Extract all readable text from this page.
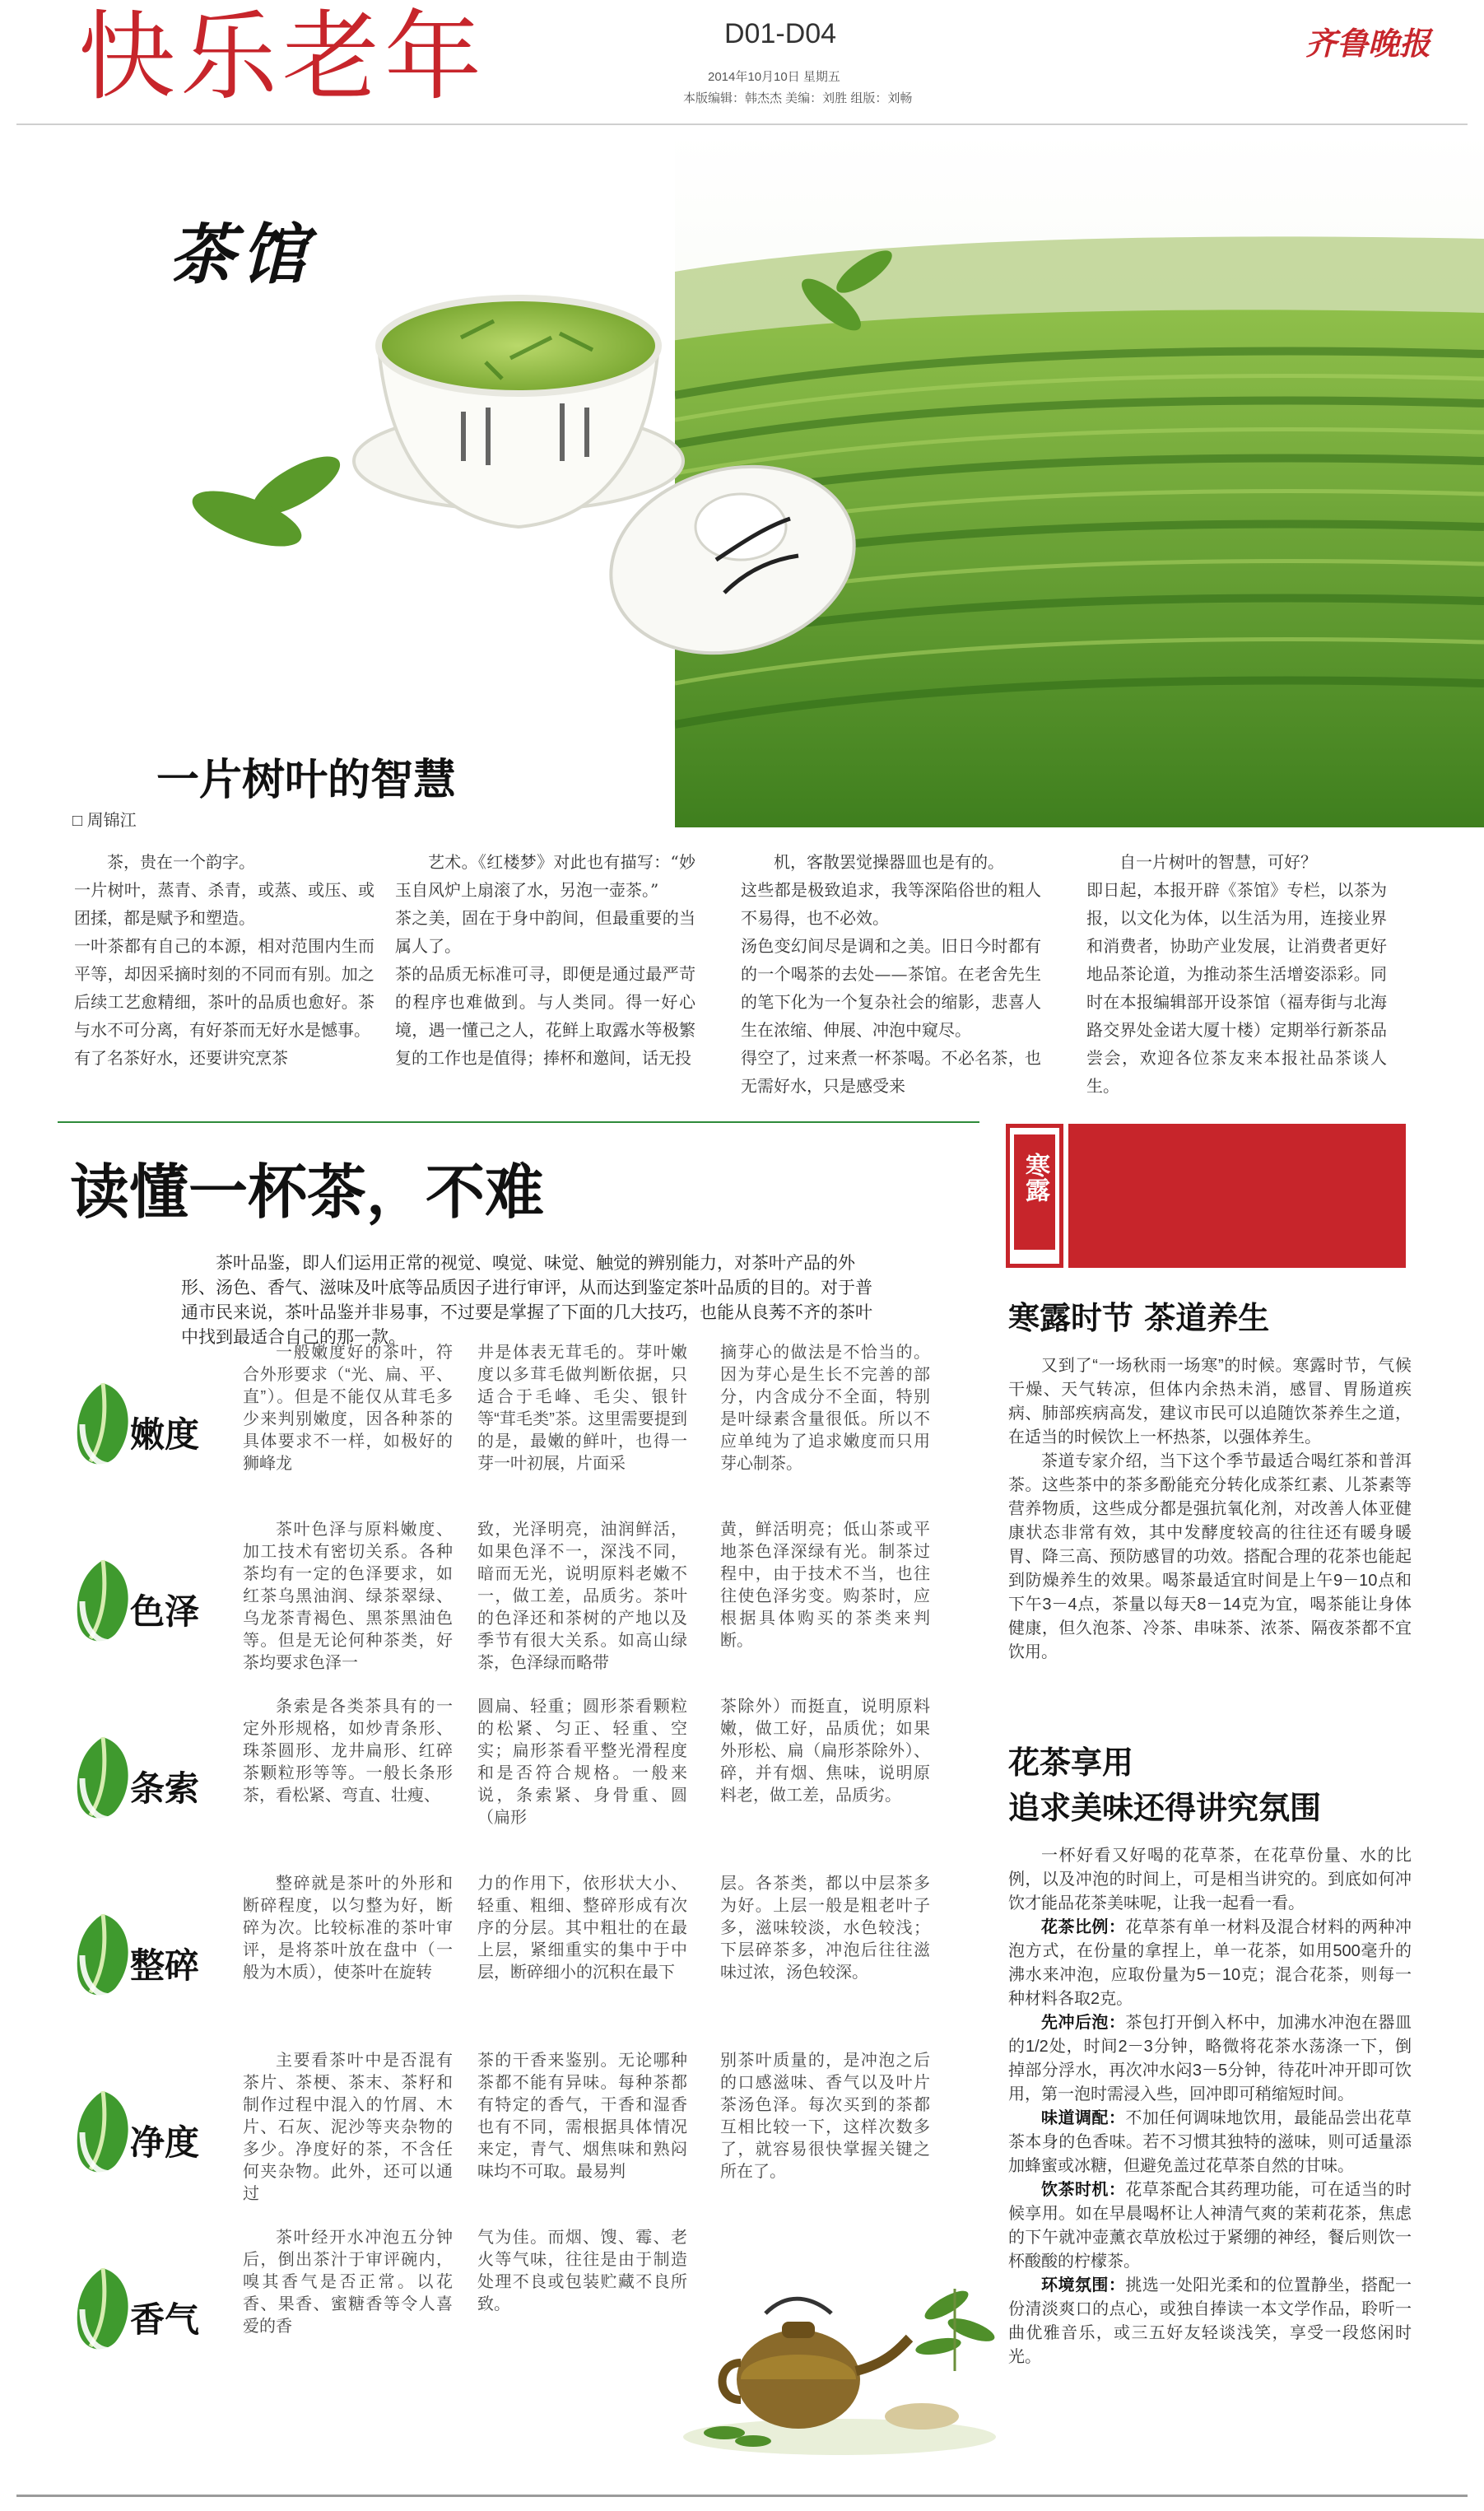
快乐老年	D01-D04
2014年10月10日 星期五
本版编辑：韩杰杰 美编：刘胜 组版：刘畅
齐鲁晚报
茶馆
一片树叶的智慧
□ 周锦江

茶，贵在一个韵字。
一片树叶，蒸青、杀青，或蒸、或压、或团揉，都是赋予和塑造。
一叶茶都有自己的本源，相对范围内生而平等，却因采摘时刻的不同而有别。加之后续工艺愈精细，茶叶的品质也愈好。茶与水不可分离，有好茶而无好水是憾事。
有了名茶好水，还要讲究烹茶

艺术。《红楼梦》对此也有描写：“妙玉自风炉上扇滚了水，另泡一壶茶。”
茶之美，固在于身中韵间，但最重要的当属人了。
茶的品质无标准可寻，即便是通过最严苛的程序也难做到。与人类同。得一好心境，遇一懂己之人，花鲜上取露水等极繁复的工作也是值得；捧杯和邀间，话无投

机，客散罢觉操器皿也是有的。
这些都是极致追求，我等深陷俗世的粗人不易得，也不必效。
汤色变幻间尽是调和之美。旧日今时都有的一个喝茶的去处——茶馆。在老舍先生的笔下化为一个复杂社会的缩影，悲喜人生在浓缩、伸展、冲泡中窥尽。
得空了，过来煮一杯茶喝。不必名茶，也无需好水，只是感受来

自一片树叶的智慧，可好？
即日起，本报开辟《茶馆》专栏，以茶为报，以文化为体，以生活为用，连接业界和消费者，协助产业发展，让消费者更好地品茶论道，为推动茶生活增姿添彩。同时在本报编辑部开设茶馆（福寿街与北海路交界处金诺大厦十楼）定期举行新茶品尝会，欢迎各位茶友来本报社品茶谈人生。

读懂一杯茶，不难
茶叶品鉴，即人们运用正常的视觉、嗅觉、味觉、触觉的辨别能力，对茶叶产品的外形、汤色、香气、滋味及叶底等品质因子进行审评，从而达到鉴定茶叶品质的目的。对于普通市民来说，茶叶品鉴并非易事，不过要是掌握了下面的几大技巧，也能从良莠不齐的茶叶中找到最适合自己的那一款。
嫩度
一般嫩度好的茶叶，符合外形要求（“光、扁、平、直”）。但是不能仅从茸毛多少来判别嫩度，因各种茶的具体要求不一样，如极好的狮峰龙
井是体表无茸毛的。芽叶嫩度以多茸毛做判断依据，只适合于毛峰、毛尖、银针等“茸毛类”茶。这里需要提到的是，最嫩的鲜叶，也得一芽一叶初展，片面采
摘芽心的做法是不恰当的。因为芽心是生长不完善的部分，内含成分不全面，特别是叶绿素含量很低。所以不应单纯为了追求嫩度而只用芽心制茶。
色泽
茶叶色泽与原料嫩度、加工技术有密切关系。各种茶均有一定的色泽要求，如红茶乌黑油润、绿茶翠绿、乌龙茶青褐色、黑茶黑油色等。但是无论何种茶类，好茶均要求色泽一
致，光泽明亮，油润鲜活，如果色泽不一，深浅不同，暗而无光，说明原料老嫩不一，做工差，品质劣。茶叶的色泽还和茶树的产地以及季节有很大关系。如高山绿茶，色泽绿而略带
黄，鲜活明亮；低山茶或平地茶色泽深绿有光。制茶过程中，由于技术不当，也往往使色泽劣变。购茶时，应根据具体购买的茶类来判断。
条索
条索是各类茶具有的一定外形规格，如炒青条形、珠茶圆形、龙井扁形、红碎茶颗粒形等等。一般长条形茶，看松紧、弯直、壮瘦、
圆扁、轻重；圆形茶看颗粒的松紧、匀正、轻重、空实；扁形茶看平整光滑程度和是否符合规格。一般来说，条索紧、身骨重、圆（扁形
茶除外）而挺直，说明原料嫩，做工好，品质优；如果外形松、扁（扁形茶除外）、碎，并有烟、焦味，说明原料老，做工差，品质劣。
整碎
整碎就是茶叶的外形和断碎程度，以匀整为好，断碎为次。比较标准的茶叶审评，是将茶叶放在盘中（一般为木质），使茶叶在旋转
力的作用下，依形状大小、轻重、粗细、整碎形成有次序的分层。其中粗壮的在最上层，紧细重实的集中于中层，断碎细小的沉积在最下
层。各茶类，都以中层茶多为好。上层一般是粗老叶子多，滋味较淡，水色较浅；下层碎茶多，冲泡后往往滋味过浓，汤色较深。
净度
主要看茶叶中是否混有茶片、茶梗、茶末、茶籽和制作过程中混入的竹屑、木片、石灰、泥沙等夹杂物的多少。净度好的茶，不含任何夹杂物。此外，还可以通过
茶的干香来鉴别。无论哪种茶都不能有异味。每种茶都有特定的香气，干香和湿香也有不同，需根据具体情况来定，青气、烟焦味和熟闷味均不可取。最易判
别茶叶质量的，是冲泡之后的口感滋味、香气以及叶片茶汤色泽。每次买到的茶都互相比较一下，这样次数多了，就容易很快掌握关键之所在了。
香气
茶叶经开水冲泡五分钟后，倒出茶汁于审评碗内，嗅其香气是否正常。以花香、果香、蜜糖香等令人喜爱的香
气为佳。而烟、馊、霉、老火等气味，往往是由于制造处理不良或包装贮藏不良所致。
寒露
寒露时节 茶道养生

又到了“一场秋雨一场寒”的时候。寒露时节，气候干燥、天气转凉，但体内余热未消，感冒、胃肠道疾病、肺部疾病高发，建议市民可以追随饮茶养生之道，在适当的时候饮上一杯热茶，以强体养生。

茶道专家介绍，当下这个季节最适合喝红茶和普洱茶。这些茶中的茶多酚能充分转化成茶红素、儿茶素等营养物质，这些成分都是强抗氧化剂，对改善人体亚健康状态非常有效，其中发酵度较高的往往还有暖身暖胃、降三高、预防感冒的功效。搭配合理的花茶也能起到防燥养生的效果。喝茶最适宜时间是上午9－10点和下午3－4点，茶量以每天8－14克为宜，喝茶能让身体健康，但久泡茶、冷茶、串味茶、浓茶、隔夜茶都不宜饮用。

花茶享用
追求美味还得讲究氛围

一杯好看又好喝的花草茶，在花草份量、水的比例，以及冲泡的时间上，可是相当讲究的。到底如何冲饮才能品花茶美味呢，让我一起看一看。

花茶比例：花草茶有单一材料及混合材料的两种冲泡方式，在份量的拿捏上，单一花茶，如用500毫升的沸水来冲泡，应取份量为5－10克；混合花茶，则每一种材料各取2克。

先冲后泡：茶包打开倒入杯中，加沸水冲泡在器皿的1/2处，时间2－3分钟，略微将花茶水荡涤一下，倒掉部分浮水，再次冲水闷3－5分钟，待花叶冲开即可饮用，第一泡时需浸入些，回冲即可稍缩短时间。

味道调配：不加任何调味地饮用，最能品尝出花草茶本身的色香味。若不习惯其独特的滋味，则可适量添加蜂蜜或冰糖，但避免盖过花草茶自然的甘味。

饮茶时机：花草茶配合其药理功能，可在适当的时候享用。如在早晨喝杯让人神清气爽的茉莉花茶，焦虑的下午就冲壶薰衣草放松过于紧绷的神经，餐后则饮一杯酸酸的柠檬茶。

环境氛围：挑选一处阳光柔和的位置静坐，搭配一份清淡爽口的点心，或独自捧读一本文学作品，聆听一曲优雅音乐，或三五好友轻谈浅笑，享受一段悠闲时光。
